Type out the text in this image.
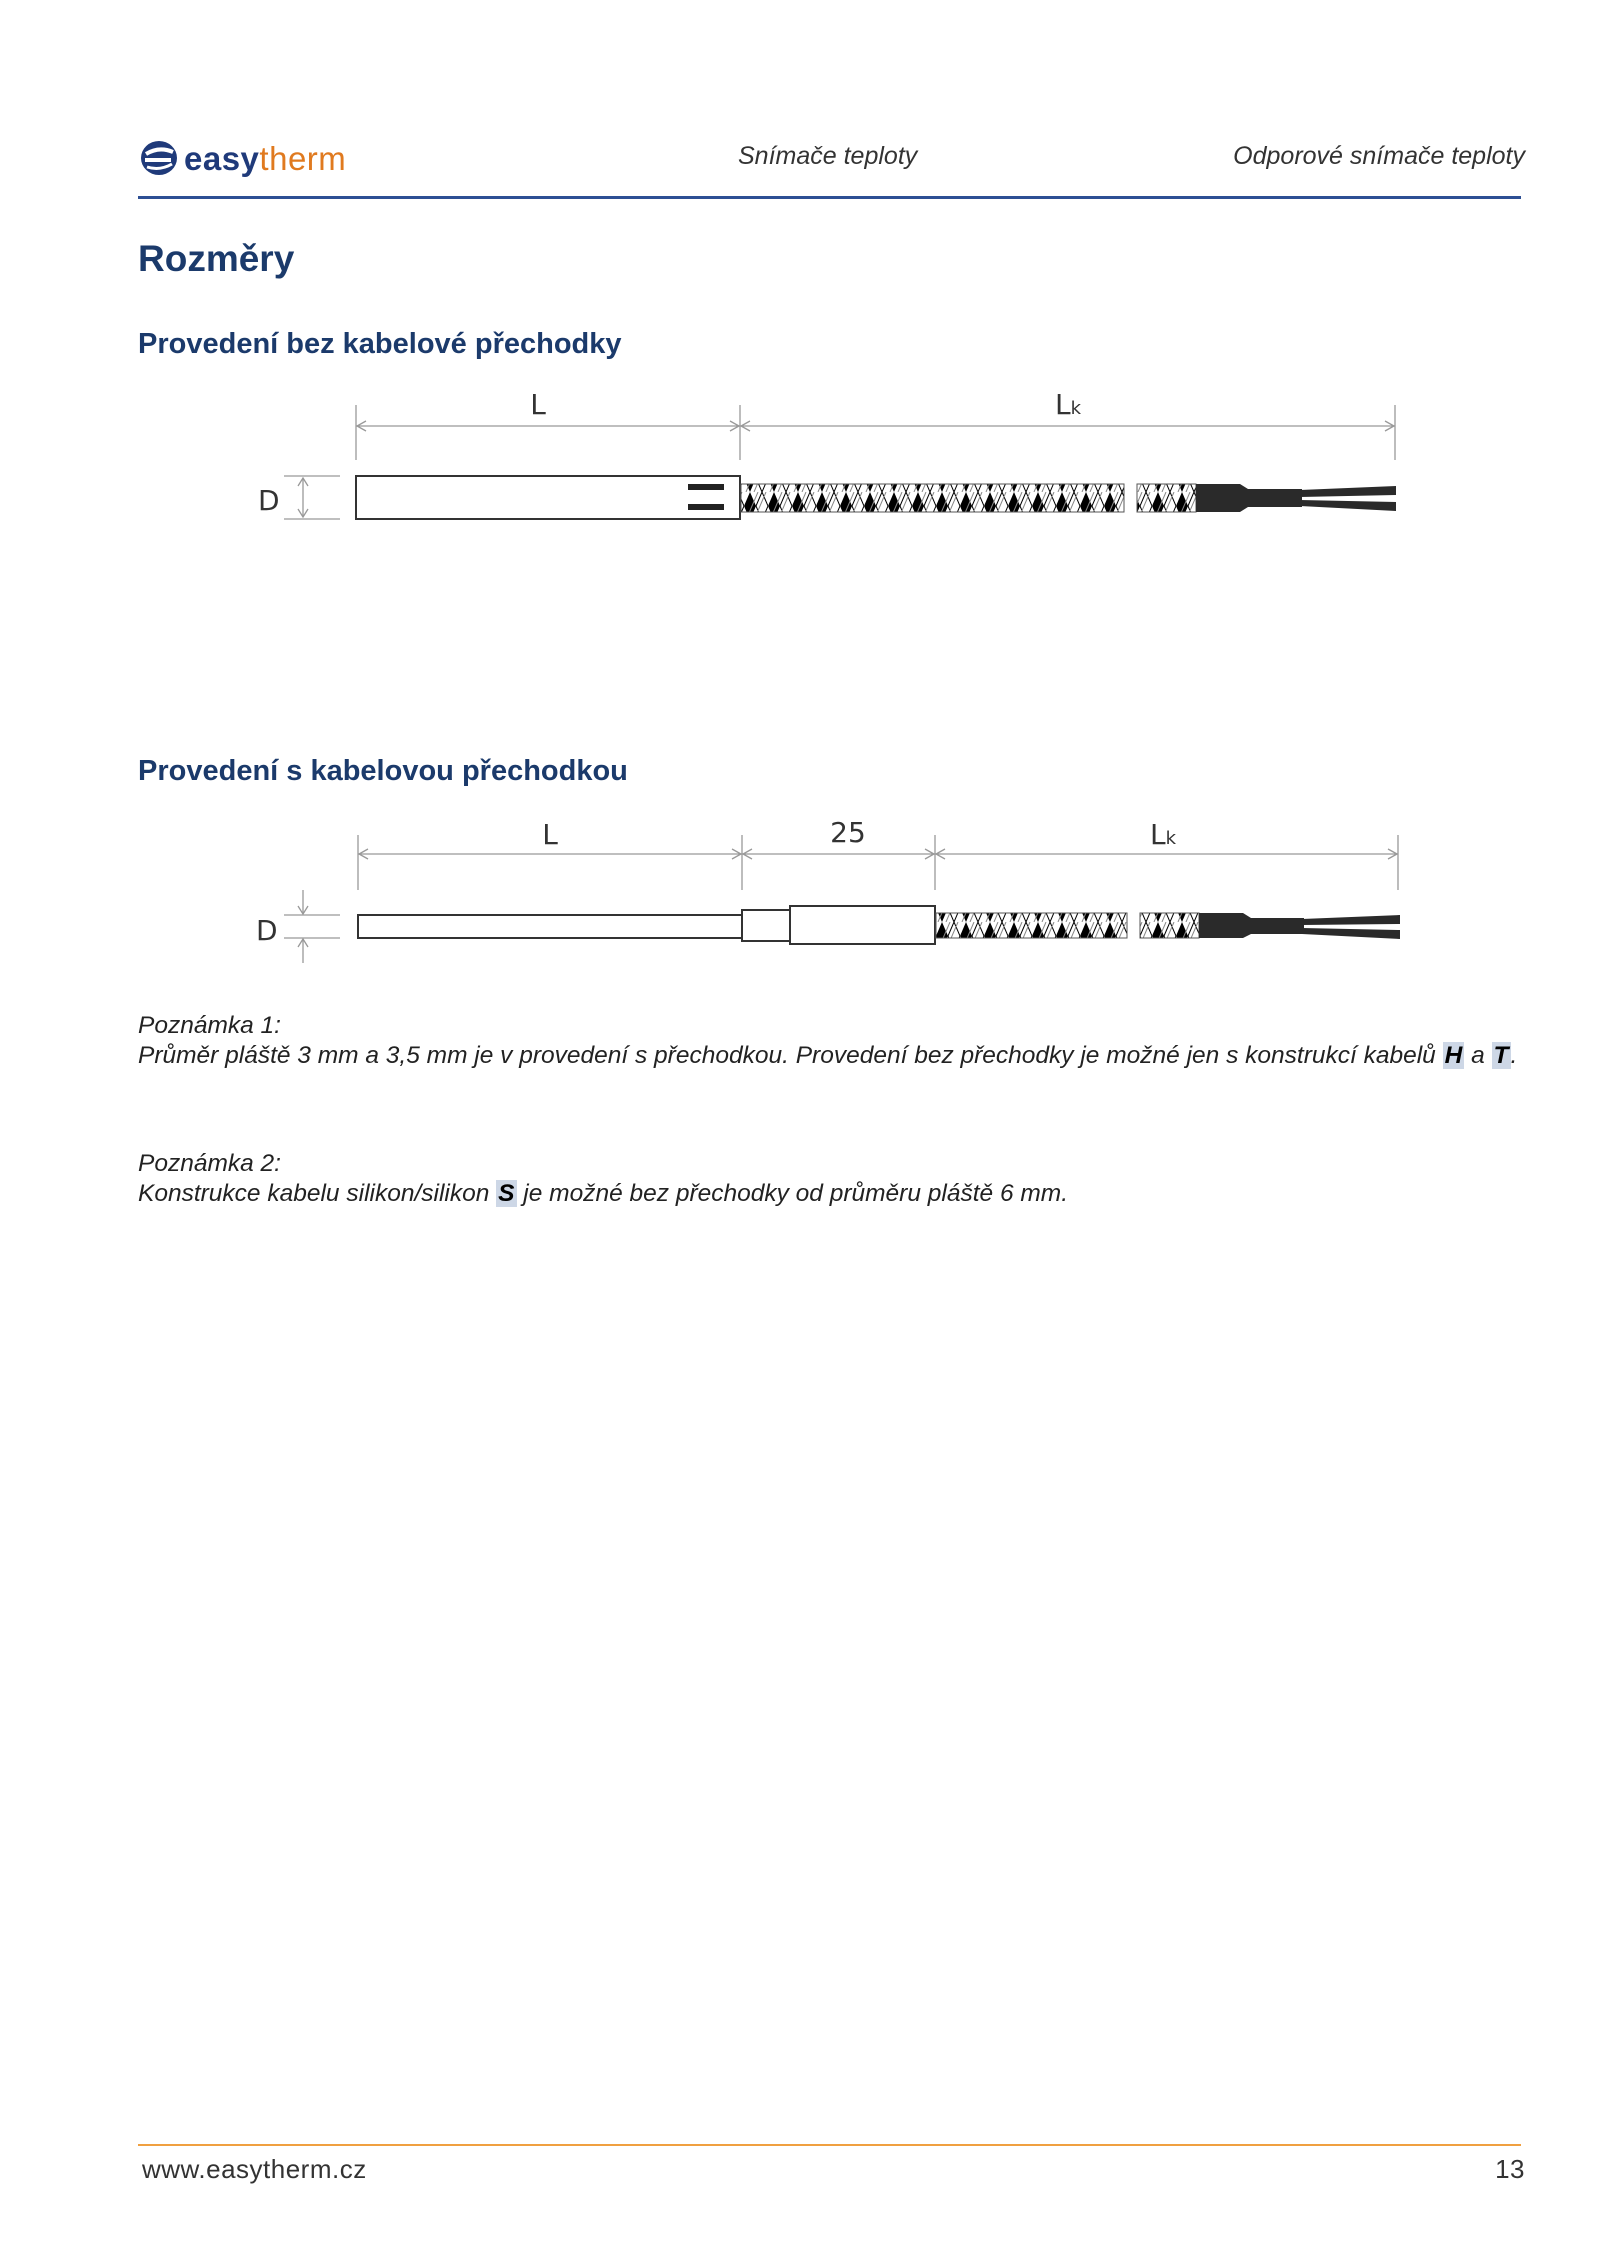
easytherm	Snímače teploty	Odporové snímače teploty
Rozměry
Provedení bez kabelové přechodky
L	Lk
D
Provedení s kabelovou přechodkou
L	25	Lk
D
Poznámka 1:
Průměr pláště 3 mm a 3,5 mm je v provedení s přechodkou. Provedení bez přechodky je možné jen s konstrukcí kabelů H a T.
Poznámka 2:
Konstrukce kabelu silikon/silikon S je možné bez přechodky od průměru pláště 6 mm.
www.easytherm.cz	13
